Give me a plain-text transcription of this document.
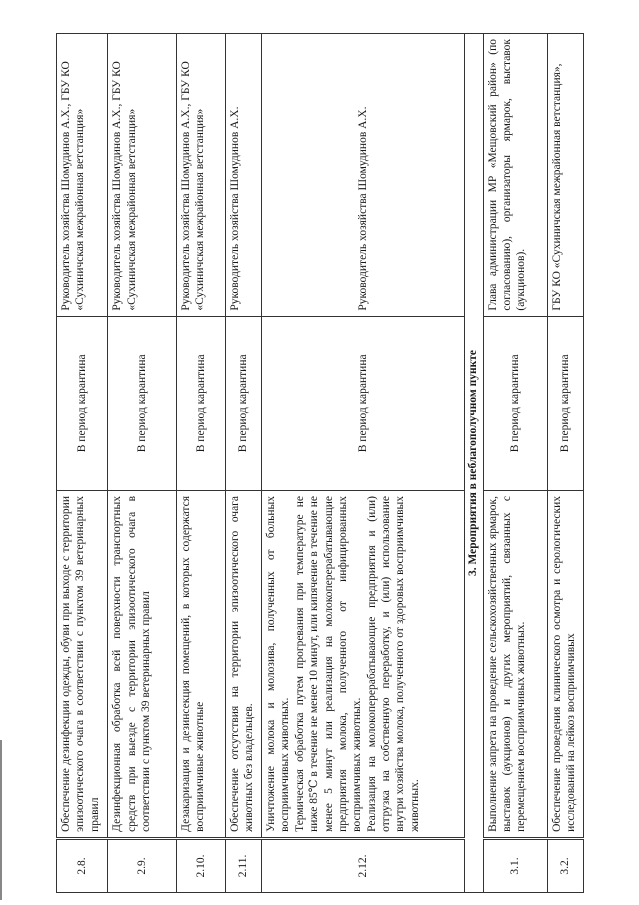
2.8.	Обеспечение дезинфекции одежды, обуви при выходе с территории эпизоотического очага в соответствии с пунктом 39 ветеринарных правил	В период карантина	Руководитель хозяйства Шомудинов А.Х., ГБУ КО «Сухиничская межрайонная ветстанция»
2.9.	Дезинфекционная обработка всей поверхности транспортных средств при выезде с территории эпизоотического очага в соответствии с пунктом 39 ветеринарных правил	В период карантина	Руководитель хозяйства Шомудинов А.Х., ГБУ КО «Сухиничская межрайонная ветстанция»
2.10.	Дезакаризация и дезинсекция помещений, в которых содержатся восприимчивые животные	В период карантина	Руководитель хозяйства Шомудинов А.Х., ГБУ КО «Сухиничская межрайонная ветстанция»
2.11.	Обеспечение отсутствия на территории эпизоотического очага животных без владельцев.	В период карантина	Руководитель хозяйства Шомудинов А.Х.
2.12.	Уничтожение молока и молозива, полученных от больных восприимчивых животных. Термическая обработка путем прогревания при температуре не ниже 85℃ в течение не менее 10 минут, или кипячение в течение не менее 5 минут или реализация на молокоперерабатывающие предприятия молока, полученного от инфицированных восприимчивых животных. Реализация на молокоперерабатывающие предприятия и (или) отгрузка на собственную переработку, и (или) использование внутри хозяйства молока, полученного от здоровых восприимчивых животных.	В период карантина	Руководитель хозяйства Шомудинов А.Х.
3. Мероприятия в неблагополучном пункте			
3.1.	Выполнение запрета на проведение сельскохозяйственных ярмарок, выставок (аукционов) и других мероприятий, связанных с перемещением восприимчивых животных.	В период карантина	Глава администрации МР «Мещовский район» (по согласованию), организаторы ярмарок, выставок (аукционов).
3.2.	Обеспечение проведения клинического осмотра и серологических исследований на лейкоз восприимчивых	В период карантина	ГБУ КО «Сухиничская межрайонная ветстанция»,
